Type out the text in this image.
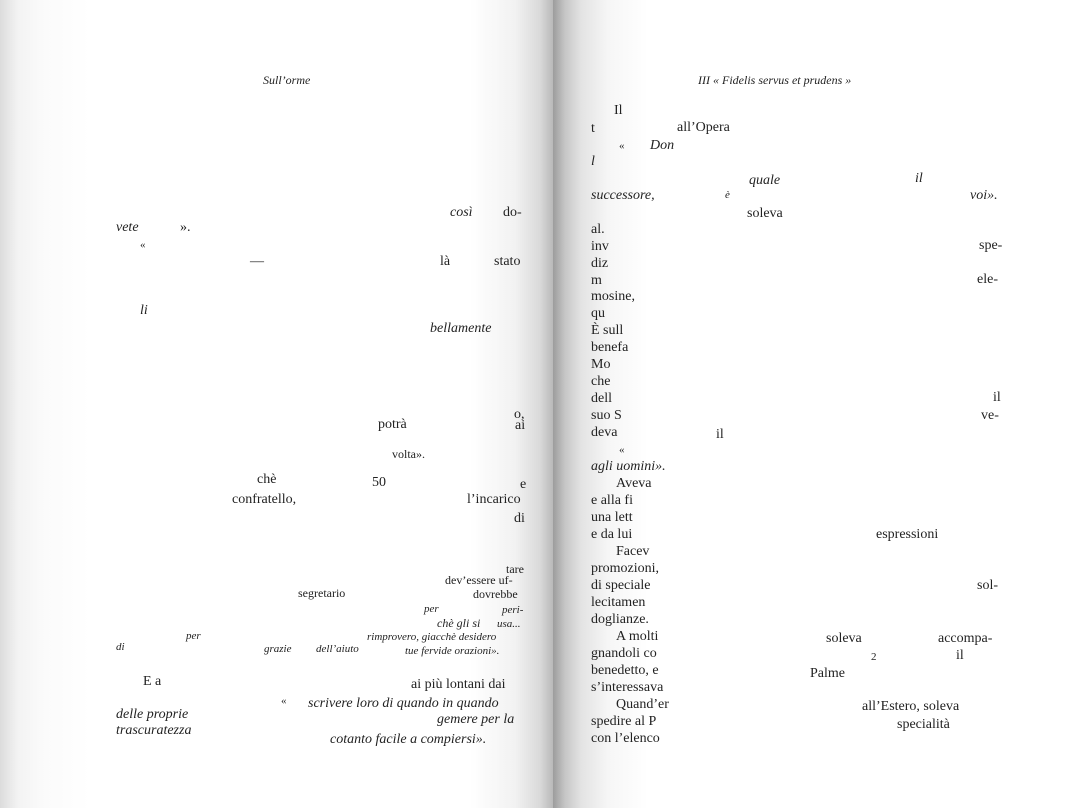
Sull’orme
così do-
vete	».
«
—	là	stato
li
bellamente
o,
potrà	ai
volta».
chè	50	e
confratello,	l’incarico
di
tare
dev’essere uf-
dovrebbe
segretario
per	peri-
chè gli si usa...
per
di
rimprovero, giacchè desidero
grazie dell’aiuto	tue fervide orazioni».
E a	ai più lontani dai
« scrivere loro di quando in quando
delle proprie	gemere per la
trascuratezza
cotanto facile a compiersi».
III « Fidelis servus et prudens »
Il
t	all’Opera
« Don
l
quale	il
successore,	è	voi».
soleva
al.
inv	spe-
diz
m	ele-
mosine,
qu
È sull
benefa
Mo
che
dell	il
suo S	ve-
deva	il
«
agli uomini».
Aveva
e alla fi
una lett
e da lui	espressioni
Facev
promozioni,
di speciale	sol-
lecitamen
doglianze.
A molti	soleva	accompa-
gnandoli co	2	il
benedetto, e	Palme
s’interessava
Quand’er	all’Estero, soleva
spedire al P	specialità
con l’elenco
